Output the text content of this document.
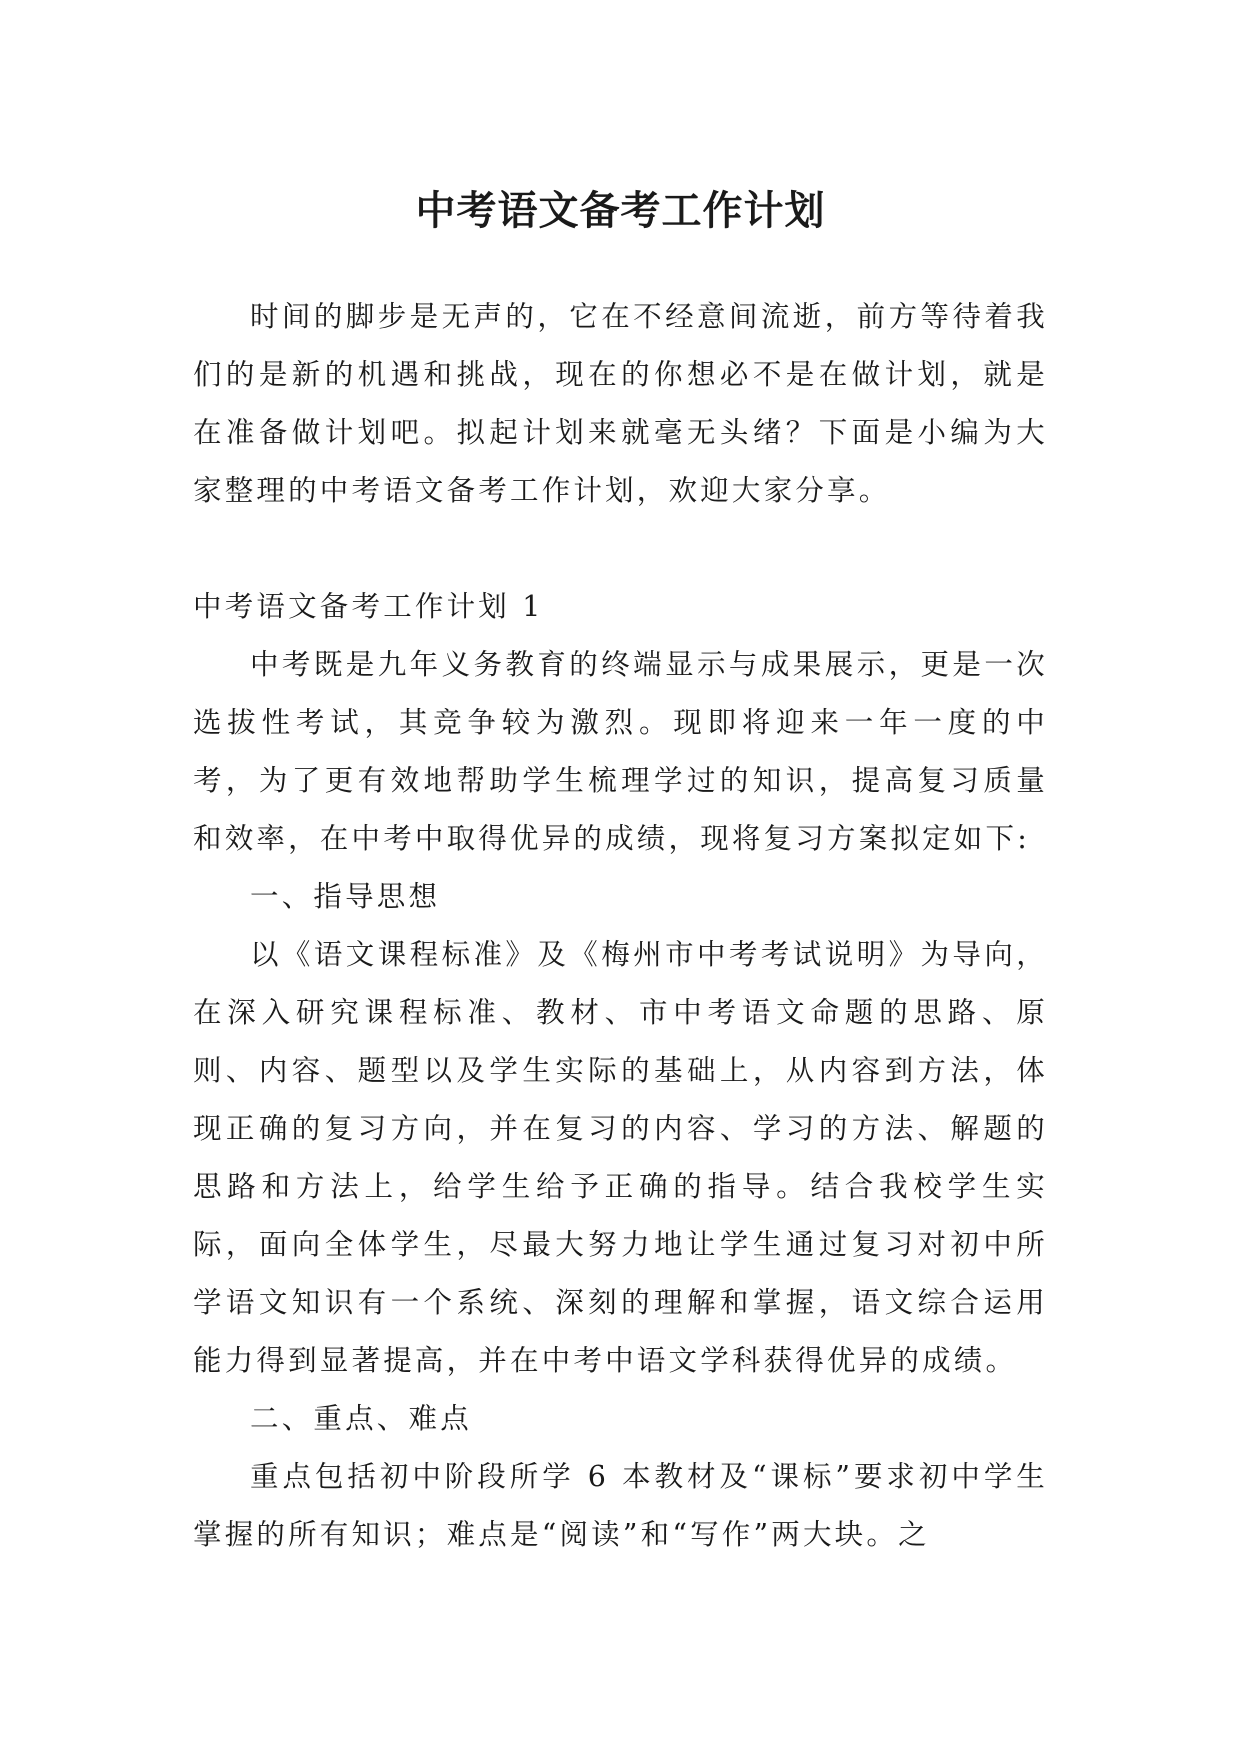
中考语文备考工作计划

时间的脚步是无声的，它在不经意间流逝，前方等待着我们的是新的机遇和挑战，现在的你想必不是在做计划，就是在准备做计划吧。拟起计划来就毫无头绪？下面是小编为大家整理的中考语文备考工作计划，欢迎大家分享。

中考语文备考工作计划 1

中考既是九年义务教育的终端显示与成果展示，更是一次选拔性考试，其竞争较为激烈。现即将迎来一年一度的中考，为了更有效地帮助学生梳理学过的知识，提高复习质量和效率，在中考中取得优异的成绩，现将复习方案拟定如下:

一、指导思想

以《语文课程标准》及《梅州市中考考试说明》为导向，在深入研究课程标准、教材、市中考语文命题的思路、原则、内容、题型以及学生实际的基础上，从内容到方法，体现正确的复习方向，并在复习的内容、学习的方法、解题的思路和方法上，给学生给予正确的指导。结合我校学生实际，面向全体学生，尽最大努力地让学生通过复习对初中所学语文知识有一个系统、深刻的理解和掌握，语文综合运用能力得到显著提高，并在中考中语文学科获得优异的成绩。

二、重点、难点

重点包括初中阶段所学 6 本教材及“课标”要求初中学生掌握的所有知识；难点是“阅读”和“写作”两大块。之
